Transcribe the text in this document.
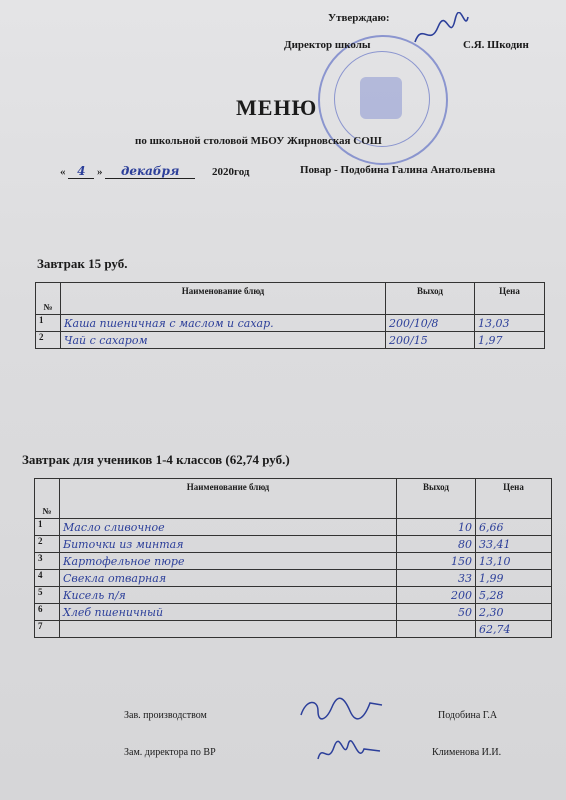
Утверждаю:
Директор школы	С.Я. Шкодин
МЕНЮ
по школьной столовой МБОУ Жирновская СОШ
« 4 » декабря	2020год	Повар - Подобина Галина Анатольевна
Завтрак 15 руб.
№	Наименование блюд	Выход	Цена
1	Каша пшеничная с маслом и сахар.	200/10/8	13,03
2	Чай с сахаром	200/15	1,97
Завтрак для учеников 1-4 классов (62,74 руб.)
№	Наименование блюд	Выход	Цена
1	Масло сливочное	10	6,66
2	Биточки из минтая	80	33,41
3	Картофельное пюре	150	13,10
4	Свекла отварная	33	1,99
5	Кисель п/я	200	5,28
6	Хлеб пшеничный	50	2,30
7			62,74
Зав. производством	Подобина Г.А
Зам. директора по ВР	Клименова И.И.
